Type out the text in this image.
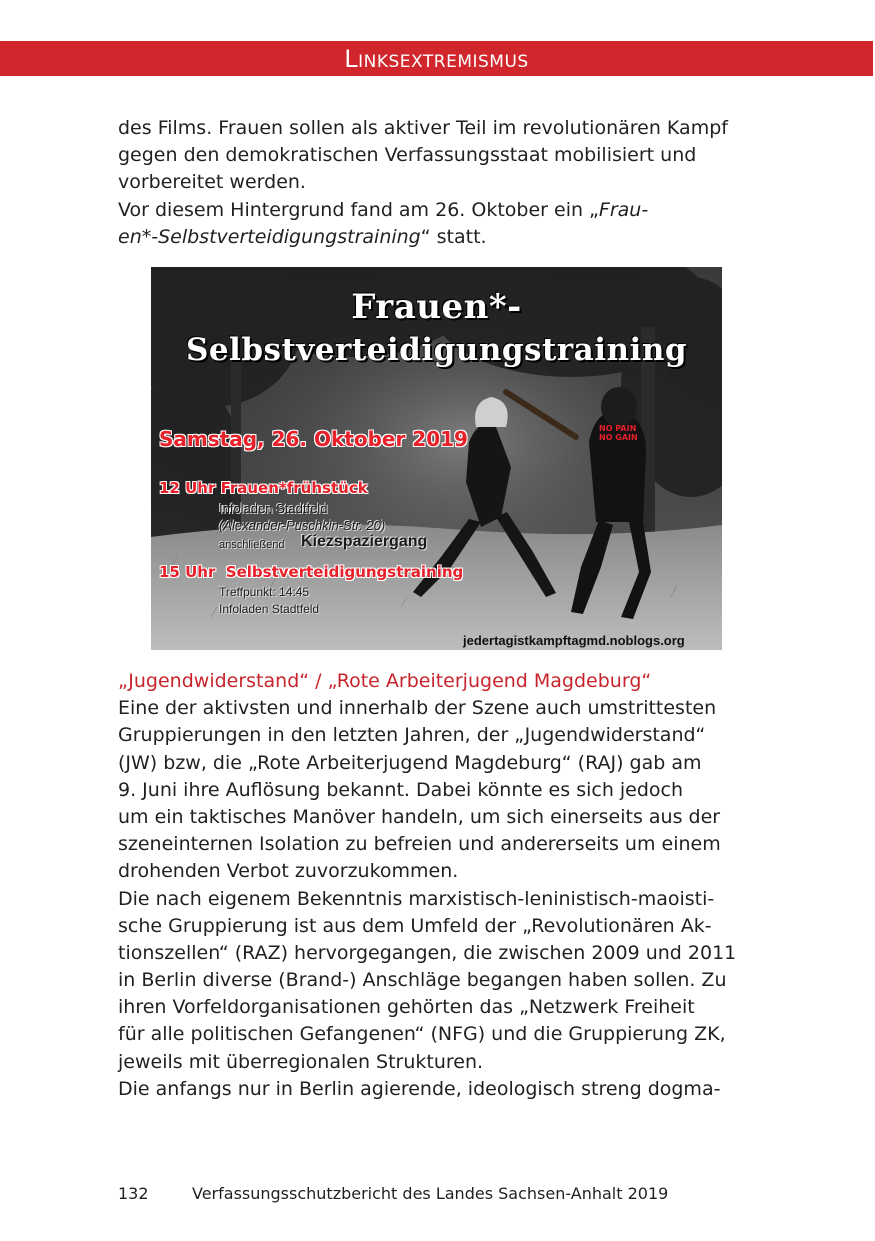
Linksextremismus
des Films. Frauen sollen als aktiver Teil im revolutionären Kampf
gegen den demokratischen Verfassungsstaat mobilisiert und
vorbereitet werden.
Vor diesem Hintergrund fand am 26. Oktober ein „Frau-
en*-Selbstverteidigungstraining“ statt.
Frauen*-
Selbstverteidigungstraining
Samstag, 26. Oktober 2019	NO PAIN
NO GAIN
12 Uhr Frauen*frühstück
Infoladen Stadtfeld
(Alexander-Puschkin-Str. 20)
anschließend Kiezspaziergang
15 Uhr  Selbstverteidigungstraining
Treffpunkt: 14:45
Infoladen Stadtfeld
jedertagistkampftagmd.noblogs.org
„Jugendwiderstand“ / „Rote Arbeiterjugend Magdeburg“
Eine der aktivsten und innerhalb der Szene auch umstrittesten
Gruppierungen in den letzten Jahren, der „Jugendwiderstand“
(JW) bzw, die „Rote Arbeiterjugend Magdeburg“ (RAJ) gab am
9. Juni ihre Auflösung bekannt. Dabei könnte es sich jedoch
um ein taktisches Manöver handeln, um sich einerseits aus der
szeneinternen Isolation zu befreien und andererseits um einem
drohenden Verbot zuvorzukommen.
Die nach eigenem Bekenntnis marxistisch-leninistisch-maoisti-
sche Gruppierung ist aus dem Umfeld der „Revolutionären Ak-
tionszellen“ (RAZ) hervorgegangen, die zwischen 2009 und 2011
in Berlin diverse (Brand-) Anschläge begangen haben sollen. Zu
ihren Vorfeldorganisationen gehörten das „Netzwerk Freiheit
für alle politischen Gefangenen“ (NFG) und die Gruppierung ZK,
jeweils mit überregionalen Strukturen.
Die anfangs nur in Berlin agierende, ideologisch streng dogma-
132	Verfassungsschutzbericht des Landes Sachsen-Anhalt 2019
